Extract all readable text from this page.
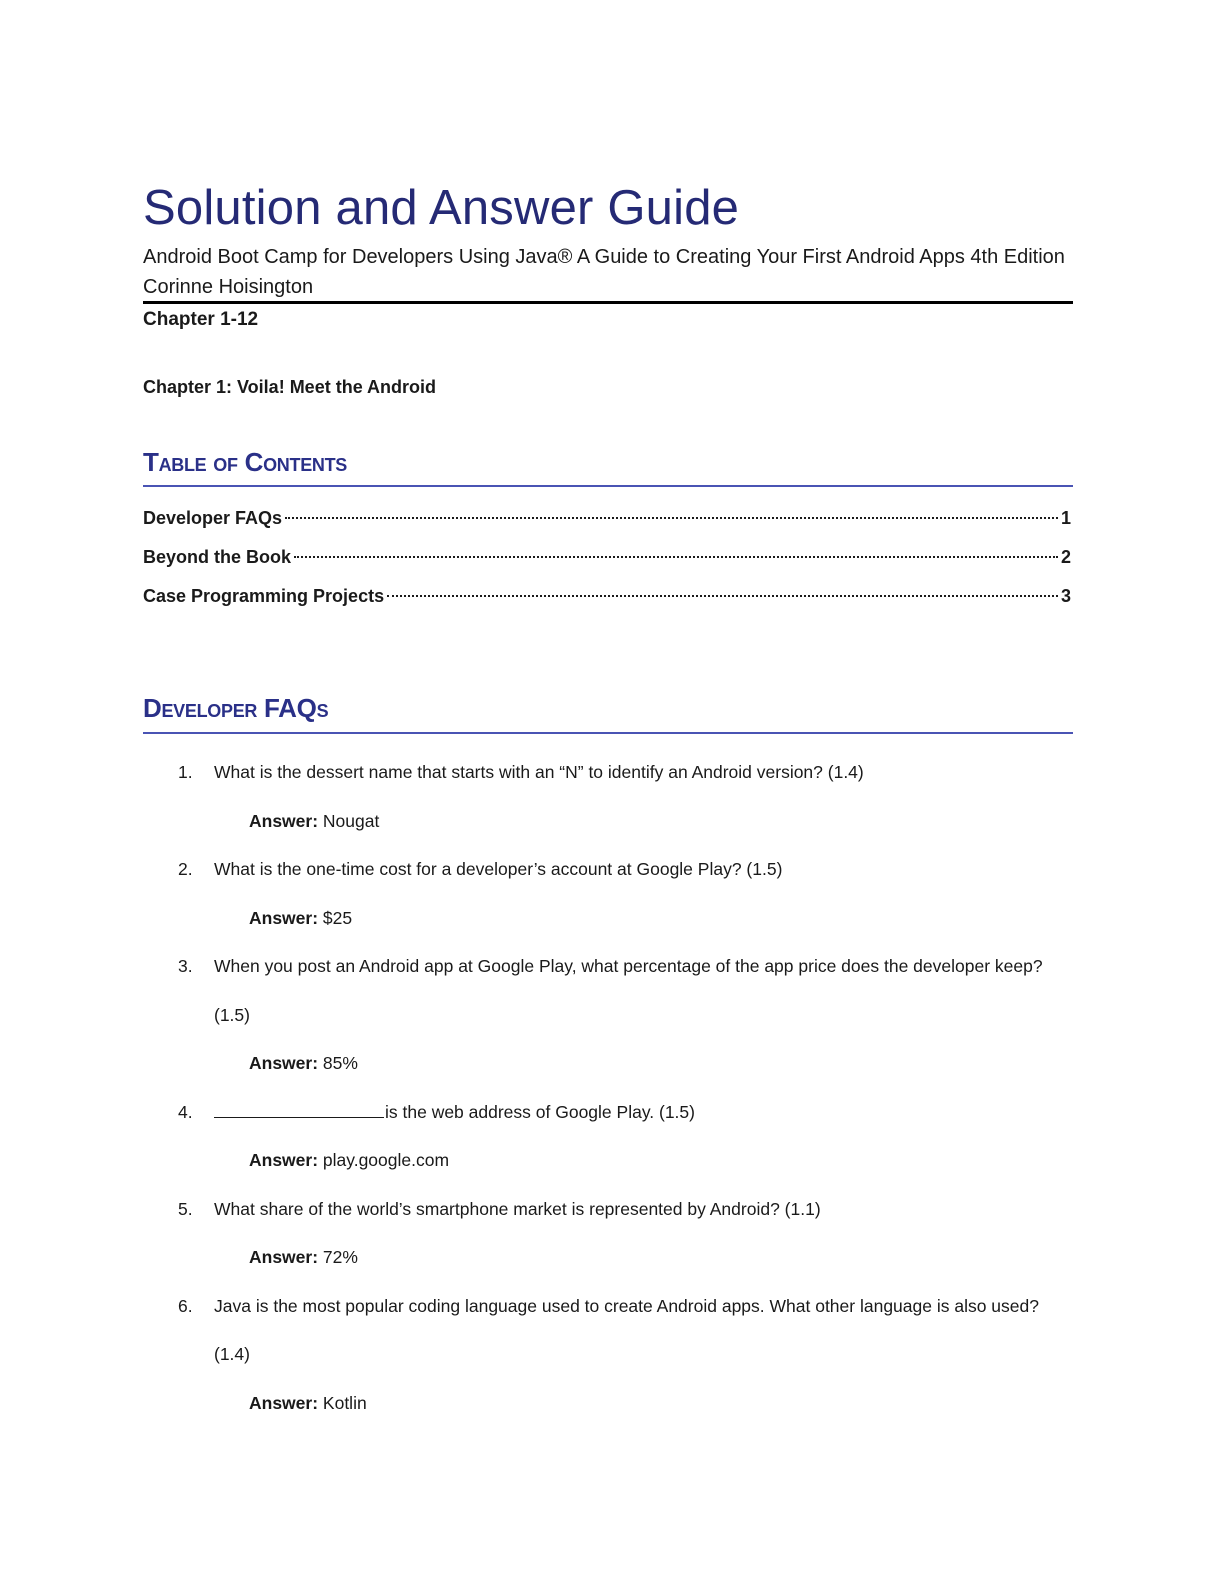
Solution and Answer Guide
Android Boot Camp for Developers Using Java® A Guide to Creating Your First Android Apps 4th Edition Corinne Hoisington
Chapter 1-12
Chapter 1: Voila! Meet the Android
Table of Contents
Developer FAQs	1
Beyond the Book	2
Case Programming Projects	3
Developer FAQs
1. What is the dessert name that starts with an “N” to identify an Android version? (1.4)
Answer: Nougat
2. What is the one-time cost for a developer’s account at Google Play? (1.5)
Answer: $25
3. When you post an Android app at Google Play, what percentage of the app price does the developer keep? (1.5)
Answer: 85%
4.	is the web address of Google Play. (1.5)
Answer: play.google.com
5. What share of the world’s smartphone market is represented by Android? (1.1)
Answer: 72%
6. Java is the most popular coding language used to create Android apps. What other language is also used? (1.4)
Answer: Kotlin
